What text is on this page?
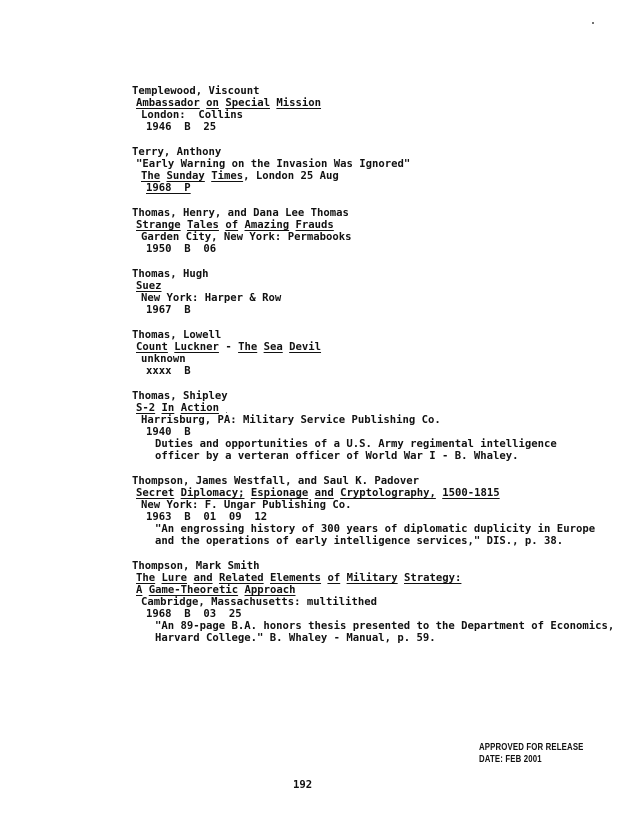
Templewood, Viscount
Ambassador on Special Mission
London:  Collins
1946  B  25
Terry, Anthony
"Early Warning on the Invasion Was Ignored"
The Sunday Times, London 25 Aug
1968  P
Thomas, Henry, and Dana Lee Thomas
Strange Tales of Amazing Frauds
Garden City, New York: Permabooks
1950  B  06
Thomas, Hugh
Suez
New York: Harper & Row
1967  B
Thomas, Lowell
Count Luckner - The Sea Devil
unknown
xxxx  B
Thomas, Shipley
S-2 In Action
Harrisburg, PA: Military Service Publishing Co.
1940  B
Duties and opportunities of a U.S. Army regimental intelligence
officer by a verteran officer of World War I - B. Whaley.
Thompson, James Westfall, and Saul K. Padover
Secret Diplomacy; Espionage and Cryptolography, 1500-1815
New York: F. Ungar Publishing Co.
1963  B  01  09  12
"An engrossing history of 300 years of diplomatic duplicity in Europe
and the operations of early intelligence services," DIS., p. 38.
Thompson, Mark Smith
The Lure and Related Elements of Military Strategy:
A Game-Theoretic Approach
Cambridge, Massachusetts: multilithed
1968  B  03  25
"An 89-page B.A. honors thesis presented to the Department of Economics,
Harvard College." B. Whaley - Manual, p. 59.
APPROVED FOR RELEASE
DATE: FEB 2001
192
